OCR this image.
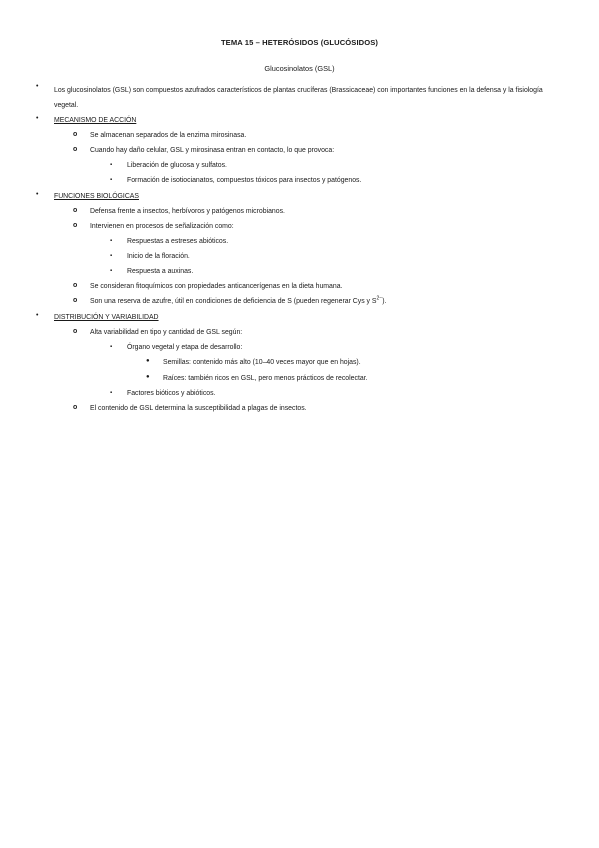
TEMA 15 – HETERÓSIDOS (GLUCÓSIDOS)
Glucosinolatos (GSL)
•
Los glucosinolatos (GSL) son compuestos azufrados característicos de plantas crucíferas (Brassicaceae) con importantes funciones en la defensa y la fisiología vegetal.
• MECANISMO DE ACCIÓN
o Se almacenan separados de la enzima mirosinasa.
o Cuando hay daño celular, GSL y mirosinasa entran en contacto, lo que provoca:
▪ Liberación de glucosa y sulfatos.
▪ Formación de isotiocianatos, compuestos tóxicos para insectos y patógenos.
• FUNCIONES BIOLÓGICAS
o Defensa frente a insectos, herbívoros y patógenos microbianos.
o Intervienen en procesos de señalización como:
▪ Respuestas a estreses abióticos.
▪ Inicio de la floración.
▪ Respuesta a auxinas.
o Se consideran fitoquímicos con propiedades anticancerígenas en la dieta humana.
o Son una reserva de azufre, útil en condiciones de deficiencia de S (pueden regenerar Cys y $S^{2-}$).
• DISTRIBUCIÓN Y VARIABILIDAD
o Alta variabilidad en tipo y cantidad de GSL según:
▪ Órgano vegetal y etapa de desarrollo:
● Semillas: contenido más alto (10–40 veces mayor que en hojas).
● Raíces: también ricos en GSL, pero menos prácticos de recolectar.
▪ Factores bióticos y abióticos.
o El contenido de GSL determina la susceptibilidad a plagas de insectos.
